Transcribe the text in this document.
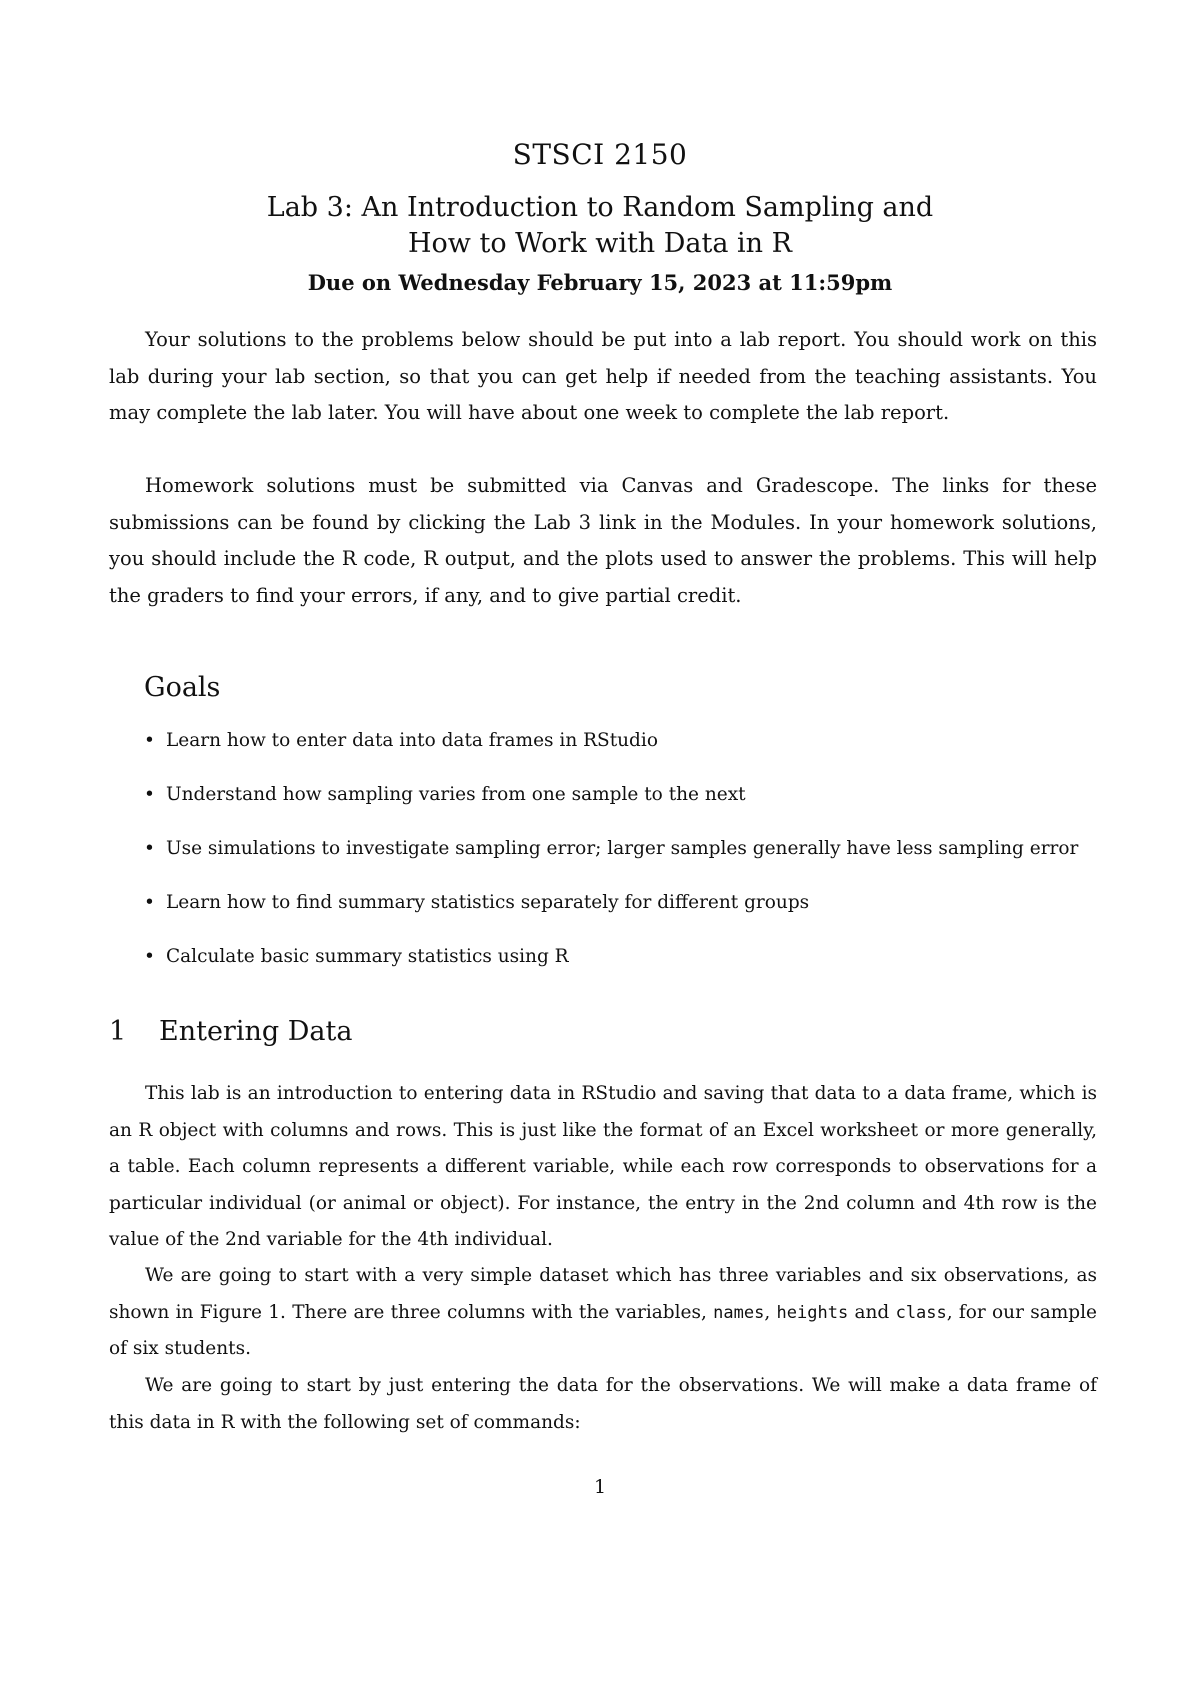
STSCI 2150
Lab 3: An Introduction to Random Sampling and
How to Work with Data in R
Due on Wednesday February 15, 2023 at 11:59pm

Your solutions to the problems below should be put into a lab report. You should work on this lab during your lab section, so that you can get help if needed from the teaching assistants. You may complete the lab later. You will have about one week to complete the lab report.

Homework solutions must be submitted via Canvas and Gradescope. The links for these submissions can be found by clicking the Lab 3 link in the Modules. In your homework solutions, you should include the R code, R output, and the plots used to answer the problems. This will help the graders to find your errors, if any, and to give partial credit.

Goals
• Learn how to enter data into data frames in RStudio
• Understand how sampling varies from one sample to the next
• Use simulations to investigate sampling error; larger samples generally have less sampling error
• Learn how to find summary statistics separately for different groups
• Calculate basic summary statistics using R
1 Entering Data

This lab is an introduction to entering data in RStudio and saving that data to a data frame, which is an R object with columns and rows. This is just like the format of an Excel worksheet or more generally, a table. Each column represents a different variable, while each row corresponds to observations for a particular individual (or animal or object). For instance, the entry in the 2nd column and 4th row is the value of the 2nd variable for the 4th individual.

We are going to start with a very simple dataset which has three variables and six observations, as shown in Figure 1. There are three columns with the variables, names, heights and class, for our sample of six students.

We are going to start by just entering the data for the observations. We will make a data frame of this data in R with the following set of commands:

1
